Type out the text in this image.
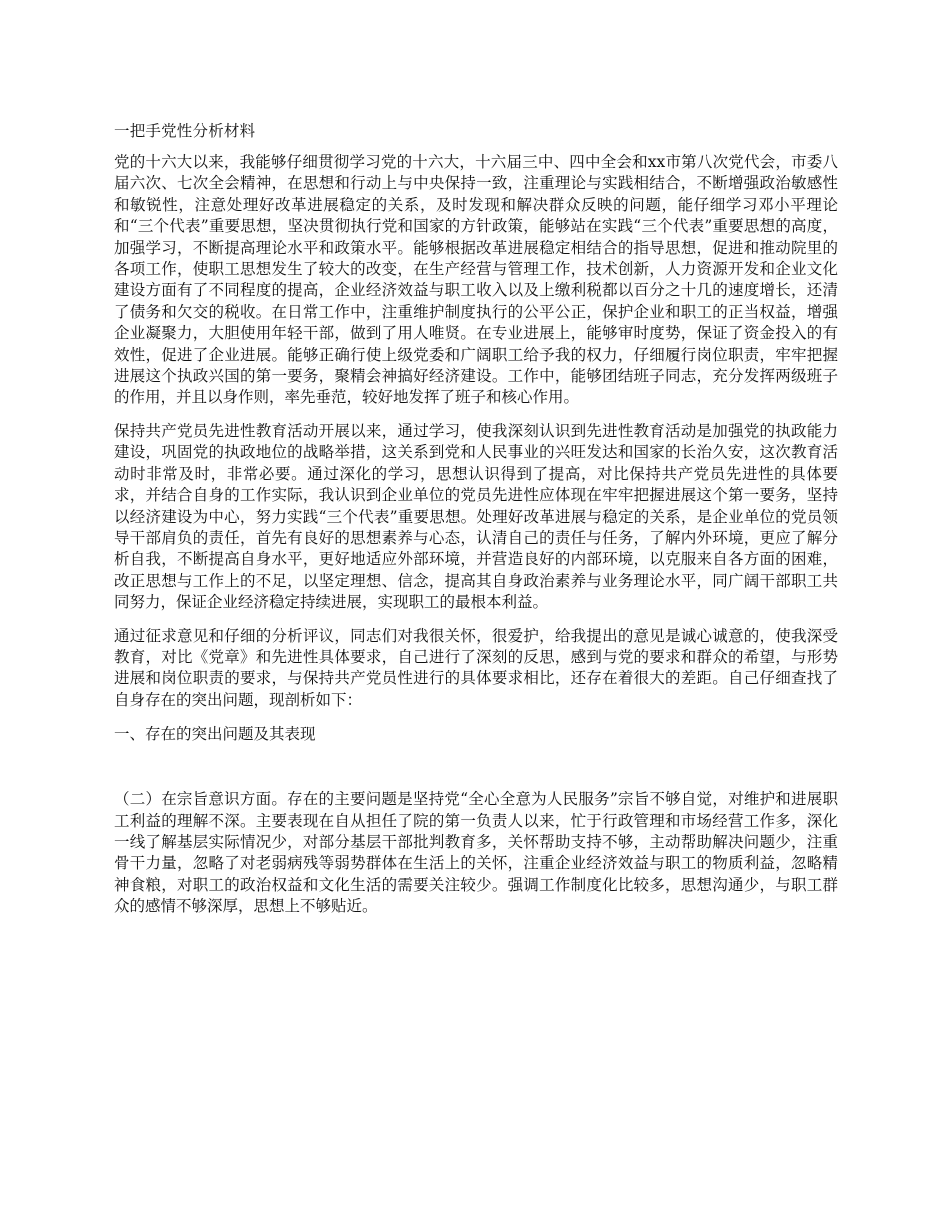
一把手党性分析材料

党的十六大以来，我能够仔细贯彻学习党的十六大，十六届三中、四中全会和xx市第八次党代会，市委八届六次、七次全会精神，在思想和行动上与中央保持一致，注重理论与实践相结合，不断增强政治敏感性和敏锐性，注意处理好改革进展稳定的关系，及时发现和解决群众反映的问题，能仔细学习邓小平理论和“三个代表”重要思想，坚决贯彻执行党和国家的方针政策，能够站在实践“三个代表”重要思想的高度，加强学习，不断提高理论水平和政策水平。能够根据改革进展稳定相结合的指导思想，促进和推动院里的各项工作，使职工思想发生了较大的改变，在生产经营与管理工作，技术创新，人力资源开发和企业文化建设方面有了不同程度的提高，企业经济效益与职工收入以及上缴利税都以百分之十几的速度增长，还清了债务和欠交的税收。在日常工作中，注重维护制度执行的公平公正，保护企业和职工的正当权益，增强企业凝聚力，大胆使用年轻干部，做到了用人唯贤。在专业进展上，能够审时度势，保证了资金投入的有效性，促进了企业进展。能够正确行使上级党委和广阔职工给予我的权力，仔细履行岗位职责，牢牢把握进展这个执政兴国的第一要务，聚精会神搞好经济建设。工作中，能够团结班子同志，充分发挥两级班子的作用，并且以身作则，率先垂范，较好地发挥了班子和核心作用。

保持共产党员先进性教育活动开展以来，通过学习，使我深刻认识到先进性教育活动是加强党的执政能力建设，巩固党的执政地位的战略举措，这关系到党和人民事业的兴旺发达和国家的长治久安，这次教育活动时非常及时，非常必要。通过深化的学习，思想认识得到了提高，对比保持共产党员先进性的具体要求，并结合自身的工作实际，我认识到企业单位的党员先进性应体现在牢牢把握进展这个第一要务，坚持以经济建设为中心，努力实践“三个代表”重要思想。处理好改革进展与稳定的关系，是企业单位的党员领导干部肩负的责任，首先有良好的思想素养与心态，认清自己的责任与任务，了解内外环境，更应了解分析自我，不断提高自身水平，更好地适应外部环境，并营造良好的内部环境，以克服来自各方面的困难，改正思想与工作上的不足，以坚定理想、信念，提高其自身政治素养与业务理论水平，同广阔干部职工共同努力，保证企业经济稳定持续进展，实现职工的最根本利益。

通过征求意见和仔细的分析评议，同志们对我很关怀，很爱护，给我提出的意见是诚心诚意的，使我深受教育，对比《党章》和先进性具体要求，自己进行了深刻的反思，感到与党的要求和群众的希望，与形势进展和岗位职责的要求，与保持共产党员性进行的具体要求相比，还存在着很大的差距。自己仔细查找了自身存在的突出问题，现剖析如下：

一、存在的突出问题及其表现

（二）在宗旨意识方面。存在的主要问题是坚持党“全心全意为人民服务”宗旨不够自觉，对维护和进展职工利益的理解不深。主要表现在自从担任了院的第一负责人以来，忙于行政管理和市场经营工作多，深化一线了解基层实际情况少，对部分基层干部批判教育多，关怀帮助支持不够，主动帮助解决问题少，注重骨干力量，忽略了对老弱病残等弱势群体在生活上的关怀，注重企业经济效益与职工的物质利益，忽略精神食粮，对职工的政治权益和文化生活的需要关注较少。强调工作制度化比较多，思想沟通少，与职工群众的感情不够深厚，思想上不够贴近。
